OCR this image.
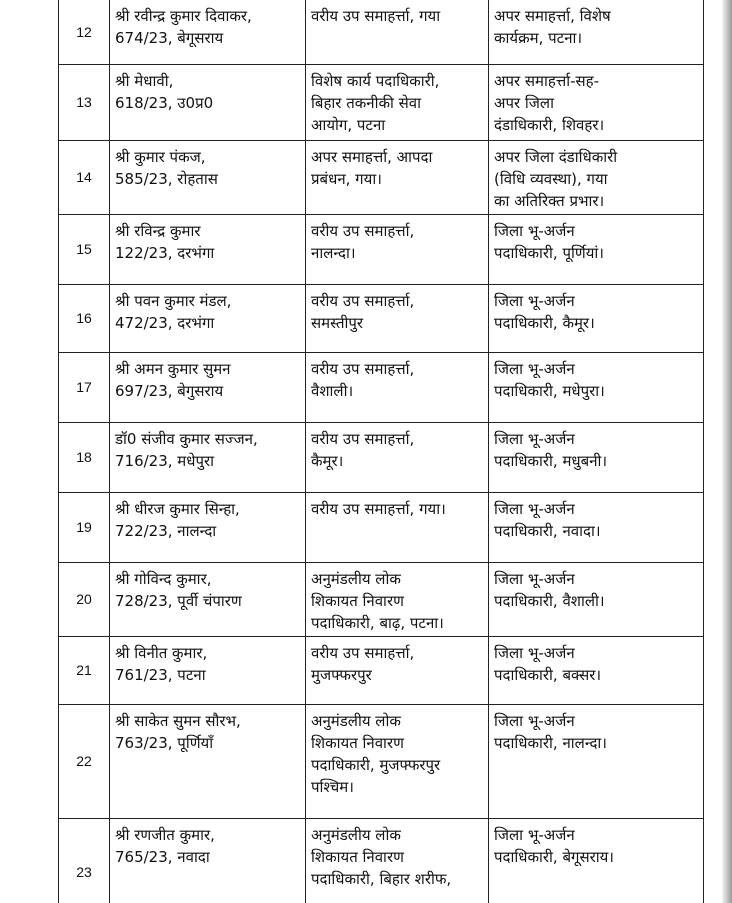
12	श्री रवीन्द्र कुमार दिवाकर,
674/23, बेगूसराय	वरीय उप समाहर्त्ता, गया	अपर समाहर्त्ता, विशेष
कार्यक्रम, पटना।

13	श्री मेधावी,
618/23, उ0प्र0	विशेष कार्य पदाधिकारी,
बिहार तकनीकी सेवा
आयोग, पटना	अपर समाहर्त्ता-सह-
अपर जिला
दंडाधिकारी, शिवहर।

14	श्री कुमार पंकज,
585/23, रोहतास	अपर समाहर्त्ता, आपदा
प्रबंधन, गया।	अपर जिला दंडाधिकारी
(विधि व्यवस्था), गया
का अतिरिक्त प्रभार।

15	श्री रविन्द्र कुमार
122/23, दरभंगा	वरीय उप समाहर्त्ता,
नालन्दा।	जिला भू-अर्जन
पदाधिकारी, पूर्णियां।

16	श्री पवन कुमार मंडल,
472/23, दरभंगा	वरीय उप समाहर्त्ता,
समस्तीपुर	जिला भू-अर्जन
पदाधिकारी, कैमूर।

17	श्री अमन कुमार सुमन
697/23, बेगुसराय	वरीय उप समाहर्त्ता,
वैशाली।	जिला भू-अर्जन
पदाधिकारी, मधेपुरा।

18	डॉ0 संजीव कुमार सज्जन,
716/23, मधेपुरा	वरीय उप समाहर्त्ता,
कैमूर।	जिला भू-अर्जन
पदाधिकारी, मधुबनी।

19	श्री धीरज कुमार सिन्हा,
722/23, नालन्दा	वरीय उप समाहर्त्ता, गया।	जिला भू-अर्जन
पदाधिकारी, नवादा।

20	श्री गोविन्द कुमार,
728/23, पूर्वी चंपारण	अनुमंडलीय लोक
शिकायत निवारण
पदाधिकारी, बाढ़, पटना।	जिला भू-अर्जन
पदाधिकारी, वैशाली।

21	श्री विनीत कुमार,
761/23, पटना	वरीय उप समाहर्त्ता,
मुजफ्फरपुर	जिला भू-अर्जन
पदाधिकारी, बक्सर।

22	श्री साकेत सुमन सौरभ,
763/23, पूर्णियाँ	अनुमंडलीय लोक
शिकायत निवारण
पदाधिकारी, मुजफ्फरपुर
पश्चिम।	जिला भू-अर्जन
पदाधिकारी, नालन्दा।

23	श्री रणजीत कुमार,
765/23, नवादा	अनुमंडलीय लोक
शिकायत निवारण
पदाधिकारी, बिहार शरीफ,	जिला भू-अर्जन
पदाधिकारी, बेगूसराय।
